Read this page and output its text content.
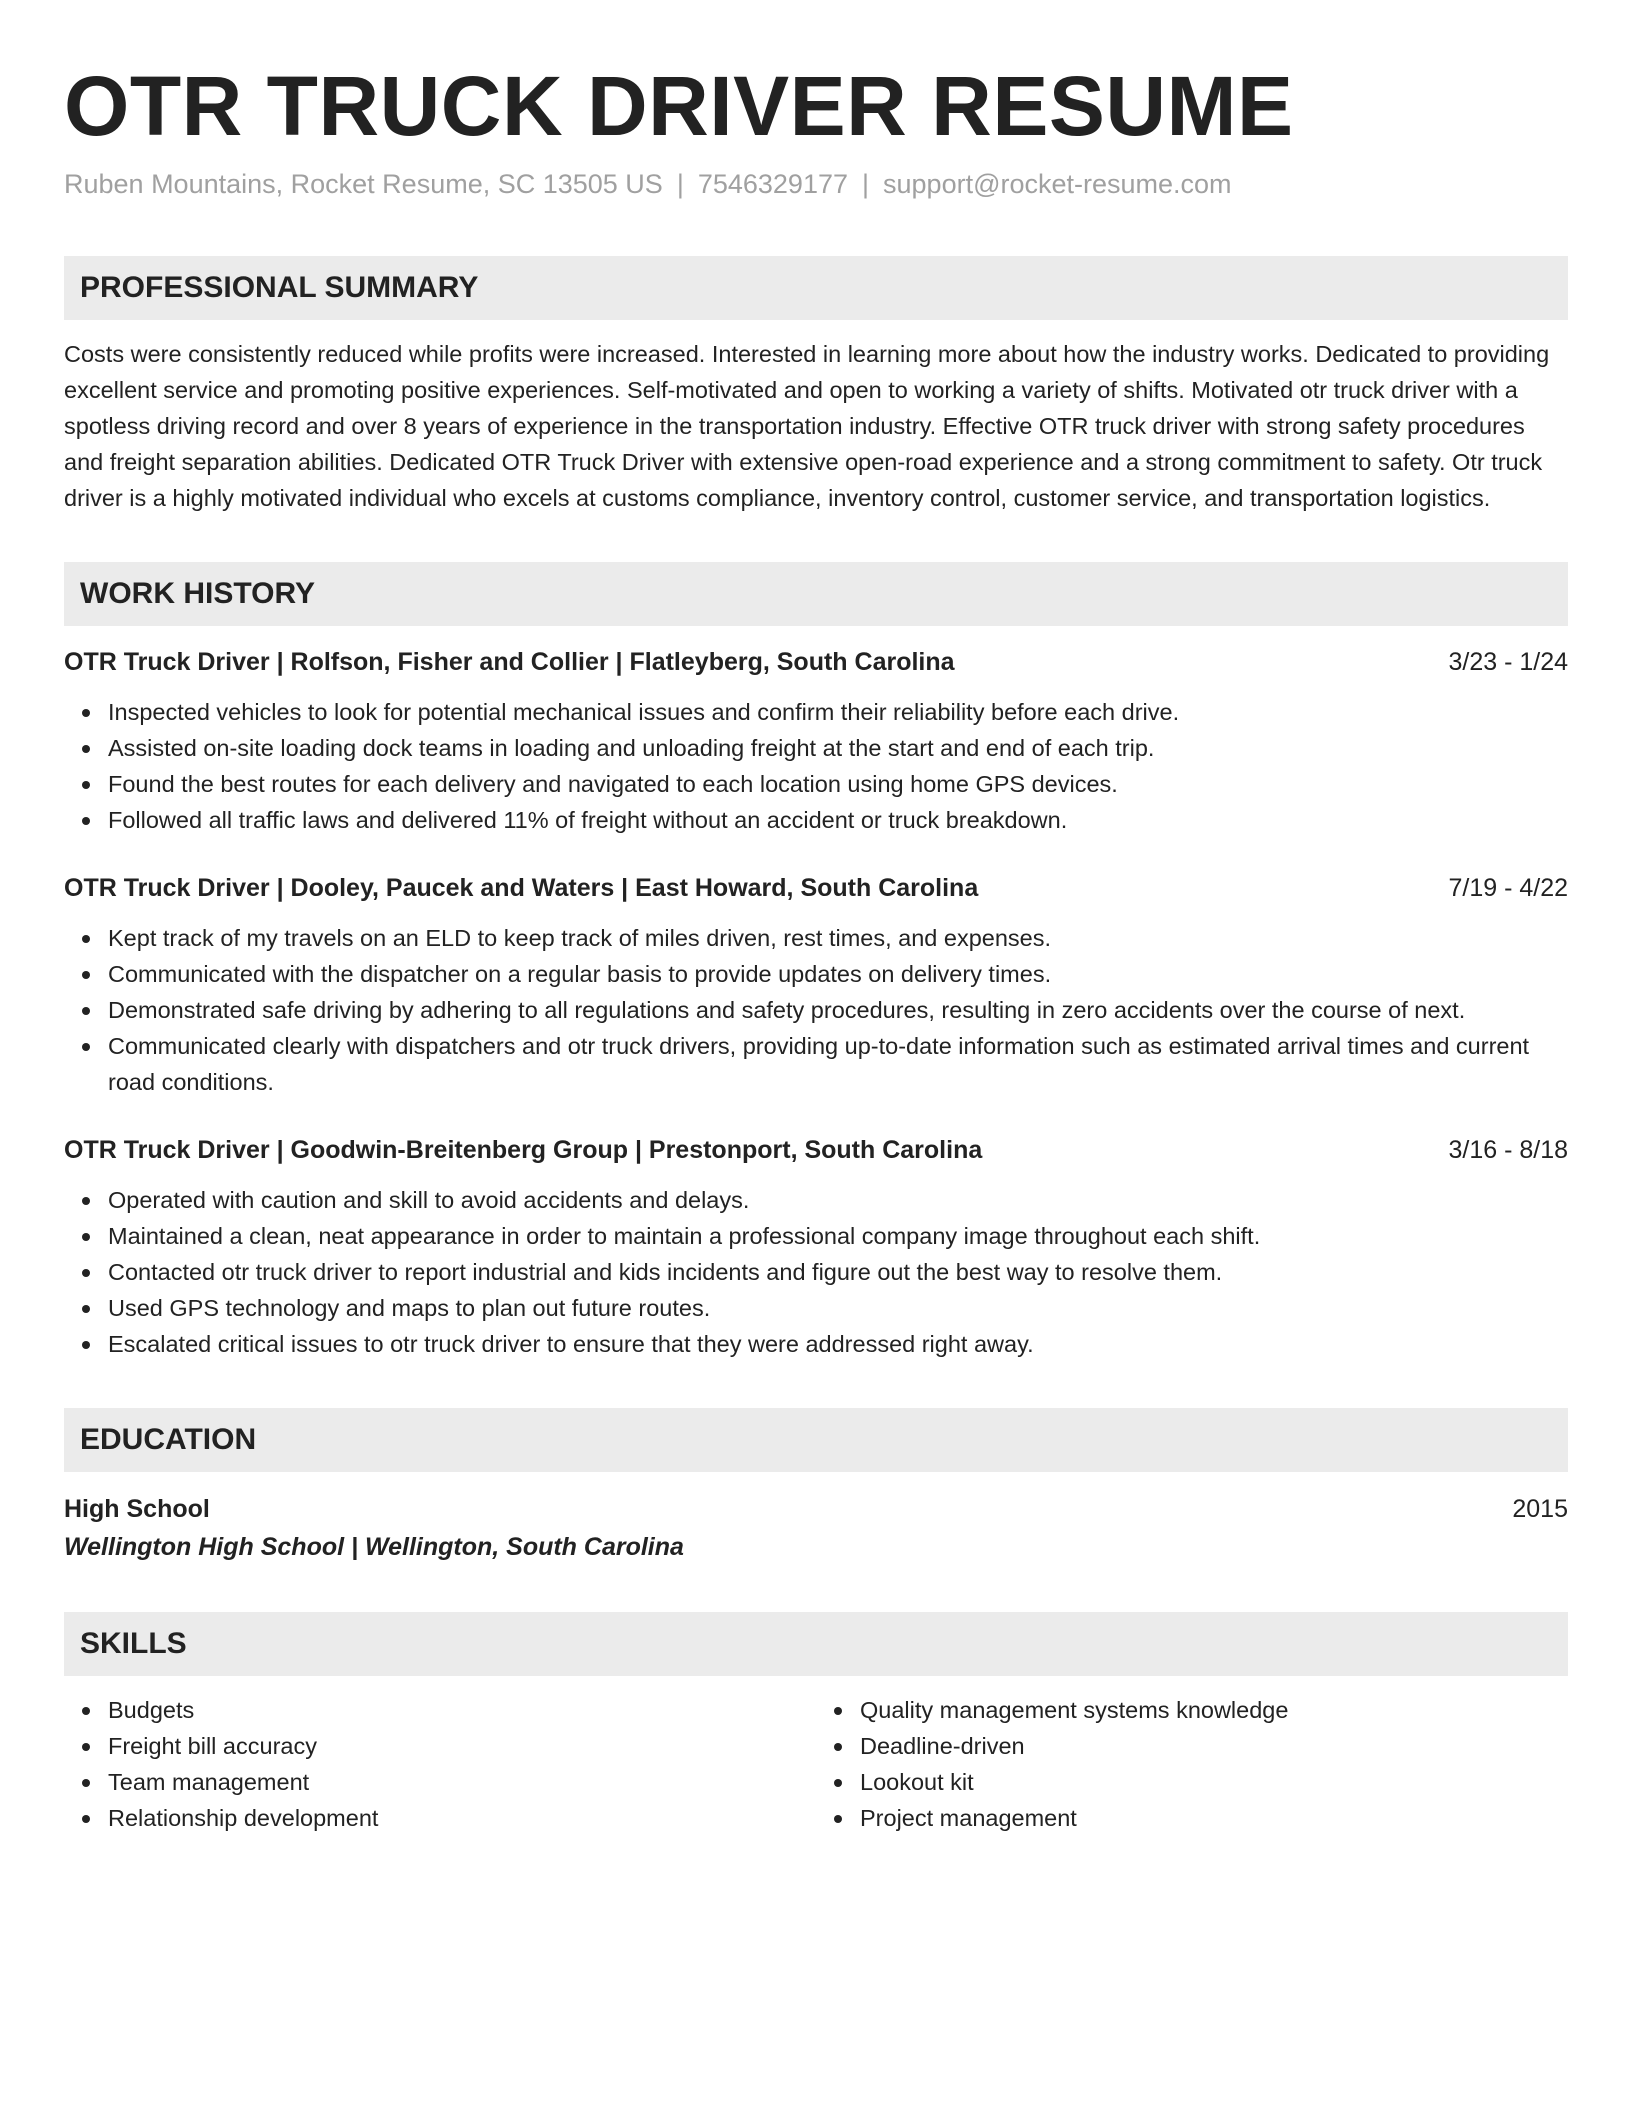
OTR TRUCK DRIVER RESUME
Ruben Mountains, Rocket Resume, SC 13505 US | 7546329177 | support@rocket-resume.com
PROFESSIONAL SUMMARY
Costs were consistently reduced while profits were increased. Interested in learning more about how the industry works. Dedicated to providing excellent service and promoting positive experiences. Self-motivated and open to working a variety of shifts. Motivated otr truck driver with a spotless driving record and over 8 years of experience in the transportation industry. Effective OTR truck driver with strong safety procedures and freight separation abilities. Dedicated OTR Truck Driver with extensive open-road experience and a strong commitment to safety. Otr truck driver is a highly motivated individual who excels at customs compliance, inventory control, customer service, and transportation logistics.
WORK HISTORY
OTR Truck Driver | Rolfson, Fisher and Collier | Flatleyberg, South Carolina	3/23 - 1/24
Inspected vehicles to look for potential mechanical issues and confirm their reliability before each drive.
Assisted on-site loading dock teams in loading and unloading freight at the start and end of each trip.
Found the best routes for each delivery and navigated to each location using home GPS devices.
Followed all traffic laws and delivered 11% of freight without an accident or truck breakdown.
OTR Truck Driver | Dooley, Paucek and Waters | East Howard, South Carolina	7/19 - 4/22
Kept track of my travels on an ELD to keep track of miles driven, rest times, and expenses.
Communicated with the dispatcher on a regular basis to provide updates on delivery times.
Demonstrated safe driving by adhering to all regulations and safety procedures, resulting in zero accidents over the course of next.
Communicated clearly with dispatchers and otr truck drivers, providing up-to-date information such as estimated arrival times and current road conditions.
OTR Truck Driver | Goodwin-Breitenberg Group | Prestonport, South Carolina	3/16 - 8/18
Operated with caution and skill to avoid accidents and delays.
Maintained a clean, neat appearance in order to maintain a professional company image throughout each shift.
Contacted otr truck driver to report industrial and kids incidents and figure out the best way to resolve them.
Used GPS technology and maps to plan out future routes.
Escalated critical issues to otr truck driver to ensure that they were addressed right away.
EDUCATION
High School	2015
Wellington High School | Wellington, South Carolina
SKILLS
Budgets
Freight bill accuracy
Team management
Relationship development
Quality management systems knowledge
Deadline-driven
Lookout kit
Project management
